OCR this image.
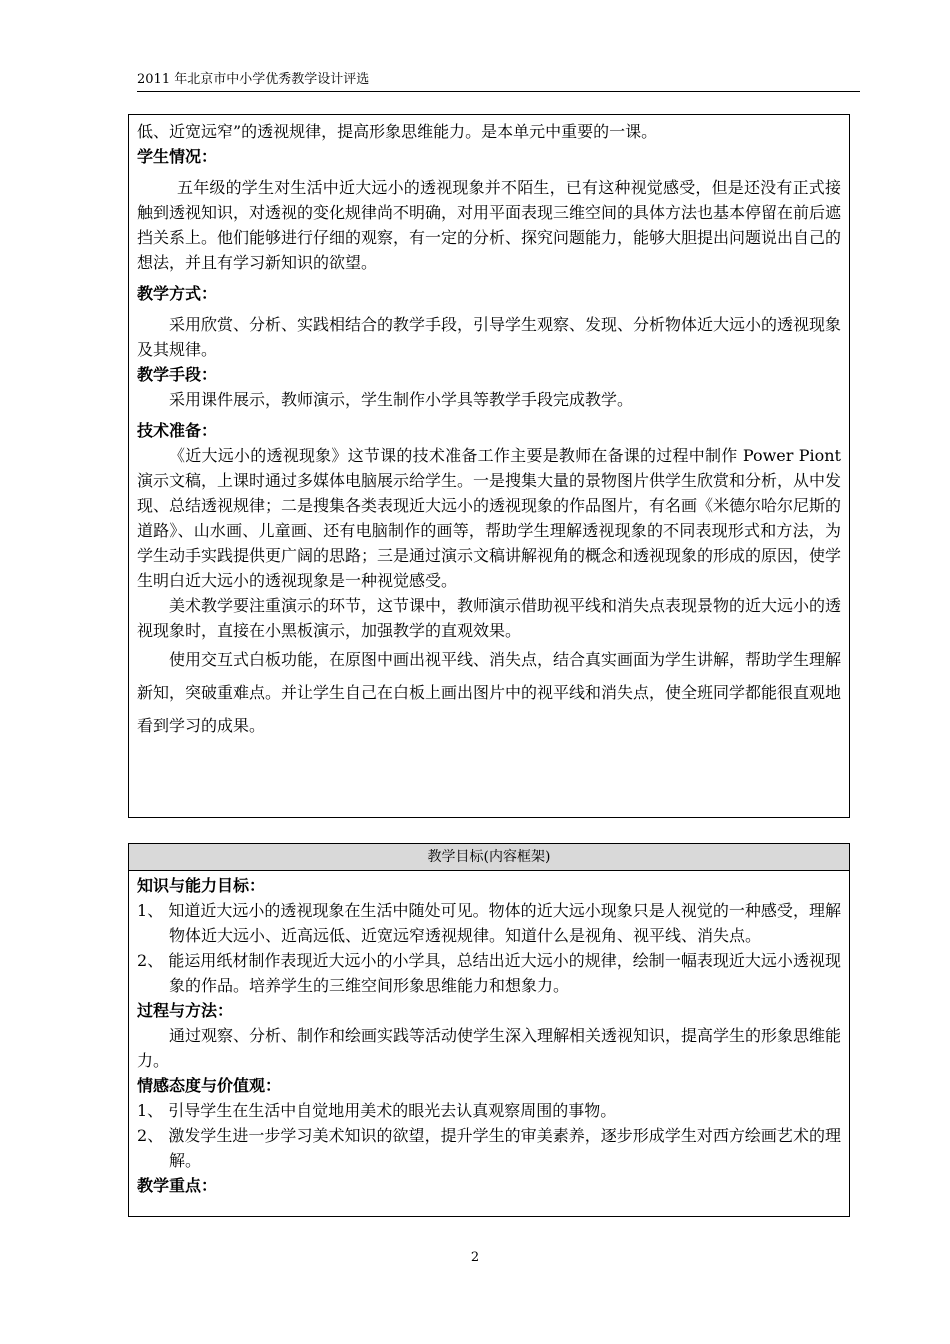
2011 年北京市中小学优秀教学设计评选

低、近宽远窄”的透视规律，提高形象思维能力。是本单元中重要的一课。

学生情况：

五年级的学生对生活中近大远小的透视现象并不陌生，已有这种视觉感受，但是还没有正式接触到透视知识，对透视的变化规律尚不明确，对用平面表现三维空间的具体方法也基本停留在前后遮挡关系上。他们能够进行仔细的观察，有一定的分析、探究问题能力，能够大胆提出问题说出自己的想法，并且有学习新知识的欲望。

教学方式：

采用欣赏、分析、实践相结合的教学手段，引导学生观察、发现、分析物体近大远小的透视现象及其规律。

教学手段：

采用课件展示，教师演示，学生制作小学具等教学手段完成教学。

技术准备：

《近大远小的透视现象》这节课的技术准备工作主要是教师在备课的过程中制作 Power Piont 演示文稿，上课时通过多媒体电脑展示给学生。一是搜集大量的景物图片供学生欣赏和分析，从中发现、总结透视规律；二是搜集各类表现近大远小的透视现象的作品图片，有名画《米德尔哈尔尼斯的道路》、山水画、儿童画、还有电脑制作的画等，帮助学生理解透视现象的不同表现形式和方法，为学生动手实践提供更广阔的思路；三是通过演示文稿讲解视角的概念和透视现象的形成的原因，使学生明白近大远小的透视现象是一种视觉感受。

美术教学要注重演示的环节，这节课中，教师演示借助视平线和消失点表现景物的近大远小的透视现象时，直接在小黑板演示，加强教学的直观效果。

使用交互式白板功能，在原图中画出视平线、消失点，结合真实画面为学生讲解，帮助学生理解新知，突破重难点。并让学生自己在白板上画出图片中的视平线和消失点，使全班同学都能很直观地看到学习的成果。

教学目标(内容框架)
知识与能力目标：

1、 知道近大远小的透视现象在生活中随处可见。物体的近大远小现象只是人视觉的一种感受，理解物体近大远小、近高远低、近宽远窄透视规律。知道什么是视角、视平线、消失点。

2、 能运用纸材制作表现近大远小的小学具，总结出近大远小的规律，绘制一幅表现近大远小透视现象的作品。培养学生的三维空间形象思维能力和想象力。

过程与方法：

通过观察、分析、制作和绘画实践等活动使学生深入理解相关透视知识，提高学生的形象思维能力。

情感态度与价值观：

1、 引导学生在生活中自觉地用美术的眼光去认真观察周围的事物。

2、 激发学生进一步学习美术知识的欲望，提升学生的审美素养，逐步形成学生对西方绘画艺术的理解。

教学重点：
2
